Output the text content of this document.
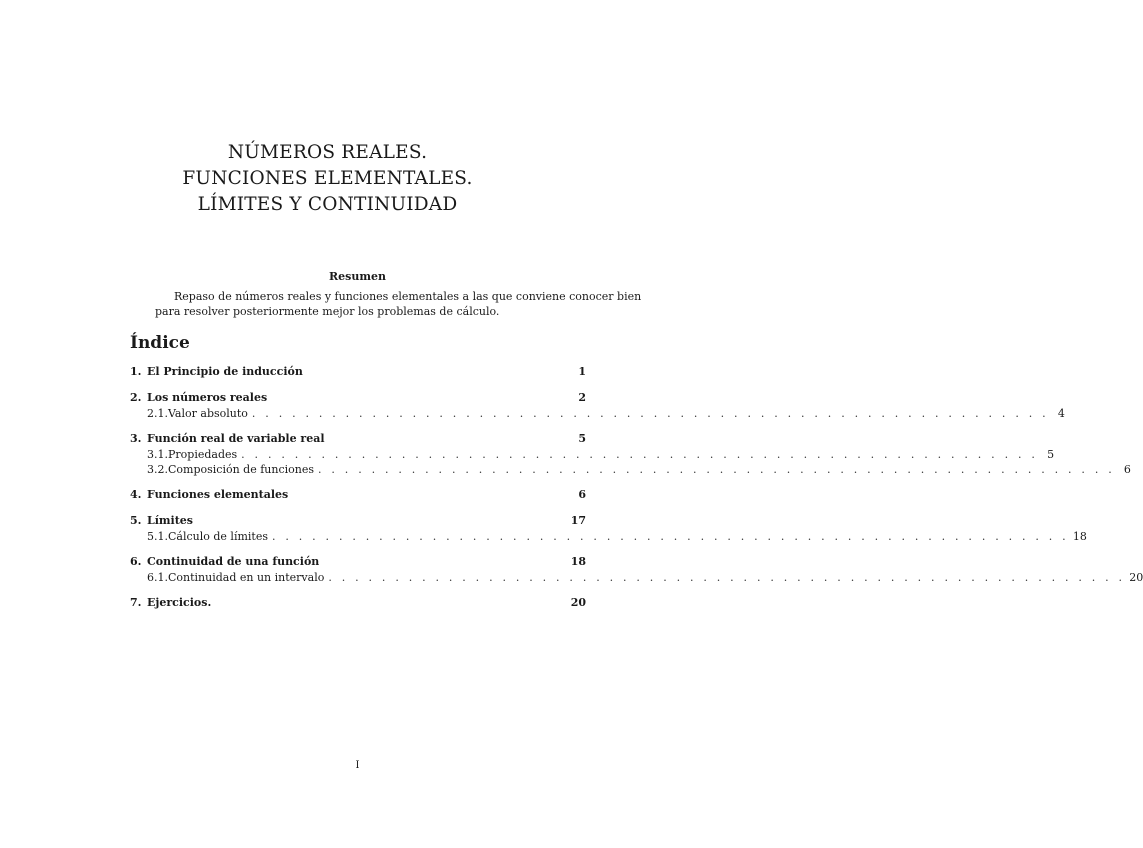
NÚMEROS REALES.
FUNCIONES ELEMENTALES.
LÍMITES Y CONTINUIDAD
Resumen
Repaso de números reales y funciones elementales a las que conviene conocer bien
para resolver posteriormente mejor los problemas de cálculo.
Índice
1. El Principio de inducción	1
2. Los números reales	2
2.1. Valor absoluto . . . . . . . . . . . . . . . . . . . . . . . . . . . . . . . . . . . . . . . . . . . . . . . . . . . . . . . . . . . . 4
3. Función real de variable real	5
3.1. Propiedades . . . . . . . . . . . . . . . . . . . . . . . . . . . . . . . . . . . . . . . . . . . . . . . . . . . . . . . . . . . . 5
3.2. Composición de funciones . . . . . . . . . . . . . . . . . . . . . . . . . . . . . . . . . . . . . . . . . . . . . . . . . . . . . . . . . . . . 6
4. Funciones elementales	6
5. Límites	17
5.1. Cálculo de límites . . . . . . . . . . . . . . . . . . . . . . . . . . . . . . . . . . . . . . . . . . . . . . . . . . . . . . . . . . . . 18
6. Continuidad de una función	18
6.1. Continuidad en un intervalo . . . . . . . . . . . . . . . . . . . . . . . . . . . . . . . . . . . . . . . . . . . . . . . . . . . . . . . . . . . . 20
7. Ejercicios.	20
I
